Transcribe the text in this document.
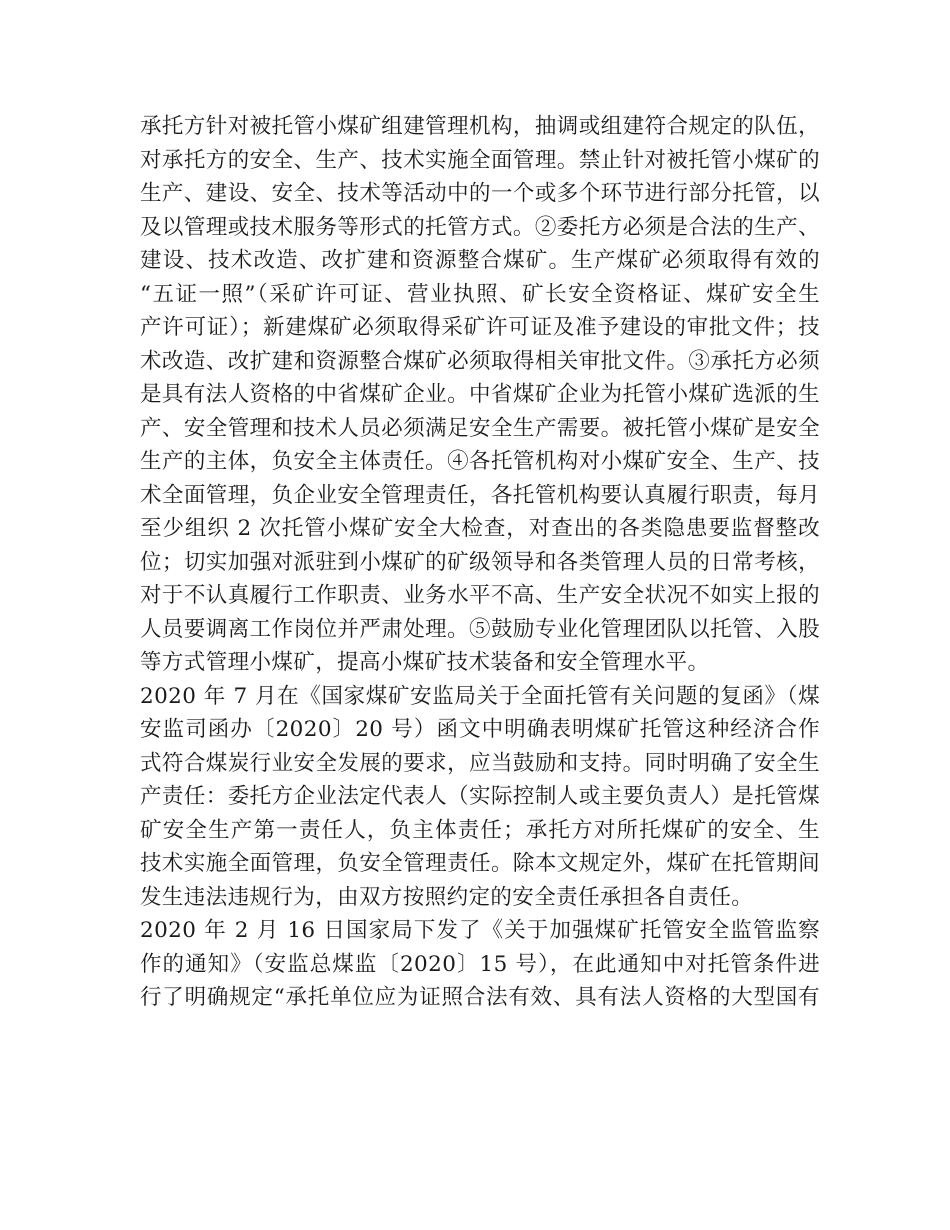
承托方针对被托管小煤矿组建管理机构，抽调或组建符合规定的队伍，
对承托方的安全、生产、技术实施全面管理。禁止针对被托管小煤矿的
生产、建设、安全、技术等活动中的一个或多个环节进行部分托管，以
及以管理或技术服务等形式的托管方式。②委托方必须是合法的生产、
建设、技术改造、改扩建和资源整合煤矿。生产煤矿必须取得有效的
“五证一照”（采矿许可证、营业执照、矿长安全资格证、煤矿安全生
产许可证）；新建煤矿必须取得采矿许可证及准予建设的审批文件；技
术改造、改扩建和资源整合煤矿必须取得相关审批文件。③承托方必须
是具有法人资格的中省煤矿企业。中省煤矿企业为托管小煤矿选派的生
产、安全管理和技术人员必须满足安全生产需要。被托管小煤矿是安全
生产的主体，负安全主体责任。④各托管机构对小煤矿安全、生产、技
术全面管理，负企业安全管理责任，各托管机构要认真履行职责，每月
至少组织 2 次托管小煤矿安全大检查，对查出的各类隐患要监督整改
位；切实加强对派驻到小煤矿的矿级领导和各类管理人员的日常考核，
对于不认真履行工作职责、业务水平不高、生产安全状况不如实上报的
人员要调离工作岗位并严肃处理。⑤鼓励专业化管理团队以托管、入股
等方式管理小煤矿，提高小煤矿技术装备和安全管理水平。
2020 年 7 月在《国家煤矿安监局关于全面托管有关问题的复函》（煤
安监司函办〔2020〕20 号）函文中明确表明煤矿托管这种经济合作
式符合煤炭行业安全发展的要求，应当鼓励和支持。同时明确了安全生
产责任：委托方企业法定代表人（实际控制人或主要负责人）是托管煤
矿安全生产第一责任人，负主体责任；承托方对所托煤矿的安全、生
技术实施全面管理，负安全管理责任。除本文规定外，煤矿在托管期间
发生违法违规行为，由双方按照约定的安全责任承担各自责任。
2020 年 2 月 16 日国家局下发了《关于加强煤矿托管安全监管监察
作的通知》（安监总煤监〔2020〕15 号），在此通知中对托管条件进
行了明确规定“承托单位应为证照合法有效、具有法人资格的大型国有
